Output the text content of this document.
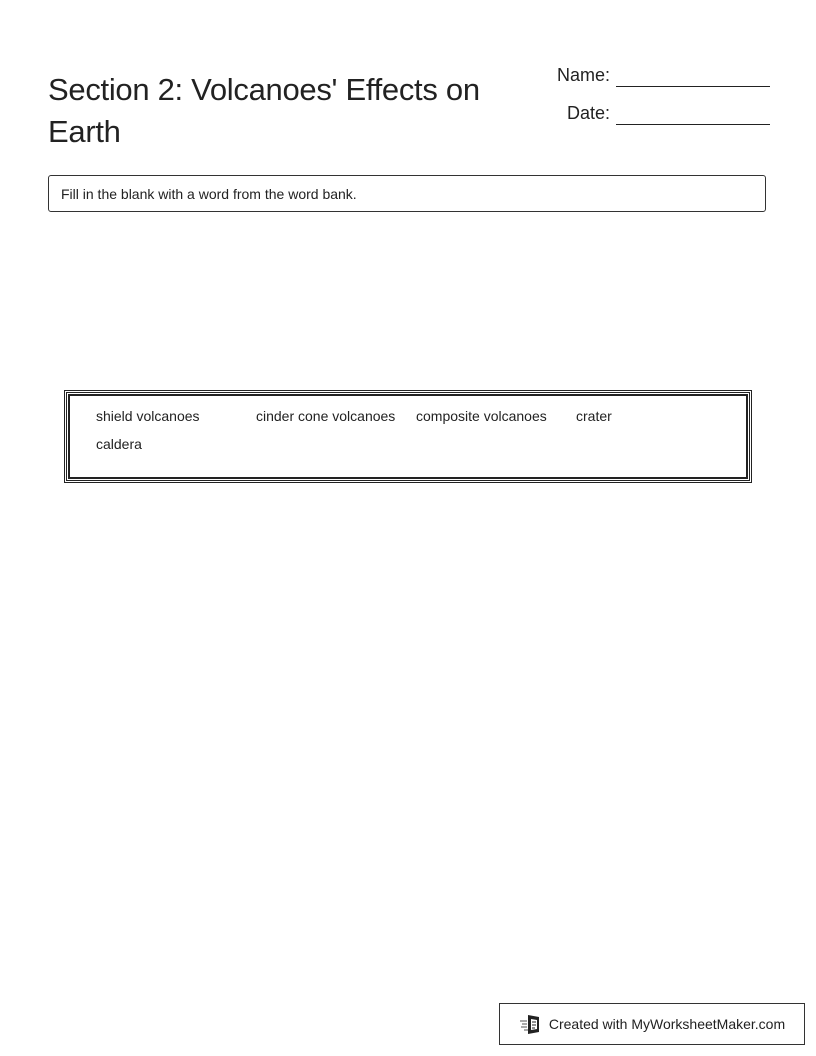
Section 2: Volcanoes' Effects on Earth
Name:
Date:
Fill in the blank with a word from the word bank.
shield volcanoes	cinder cone volcanoes	composite volcanoes	crater
caldera
Created with MyWorksheetMaker.com
